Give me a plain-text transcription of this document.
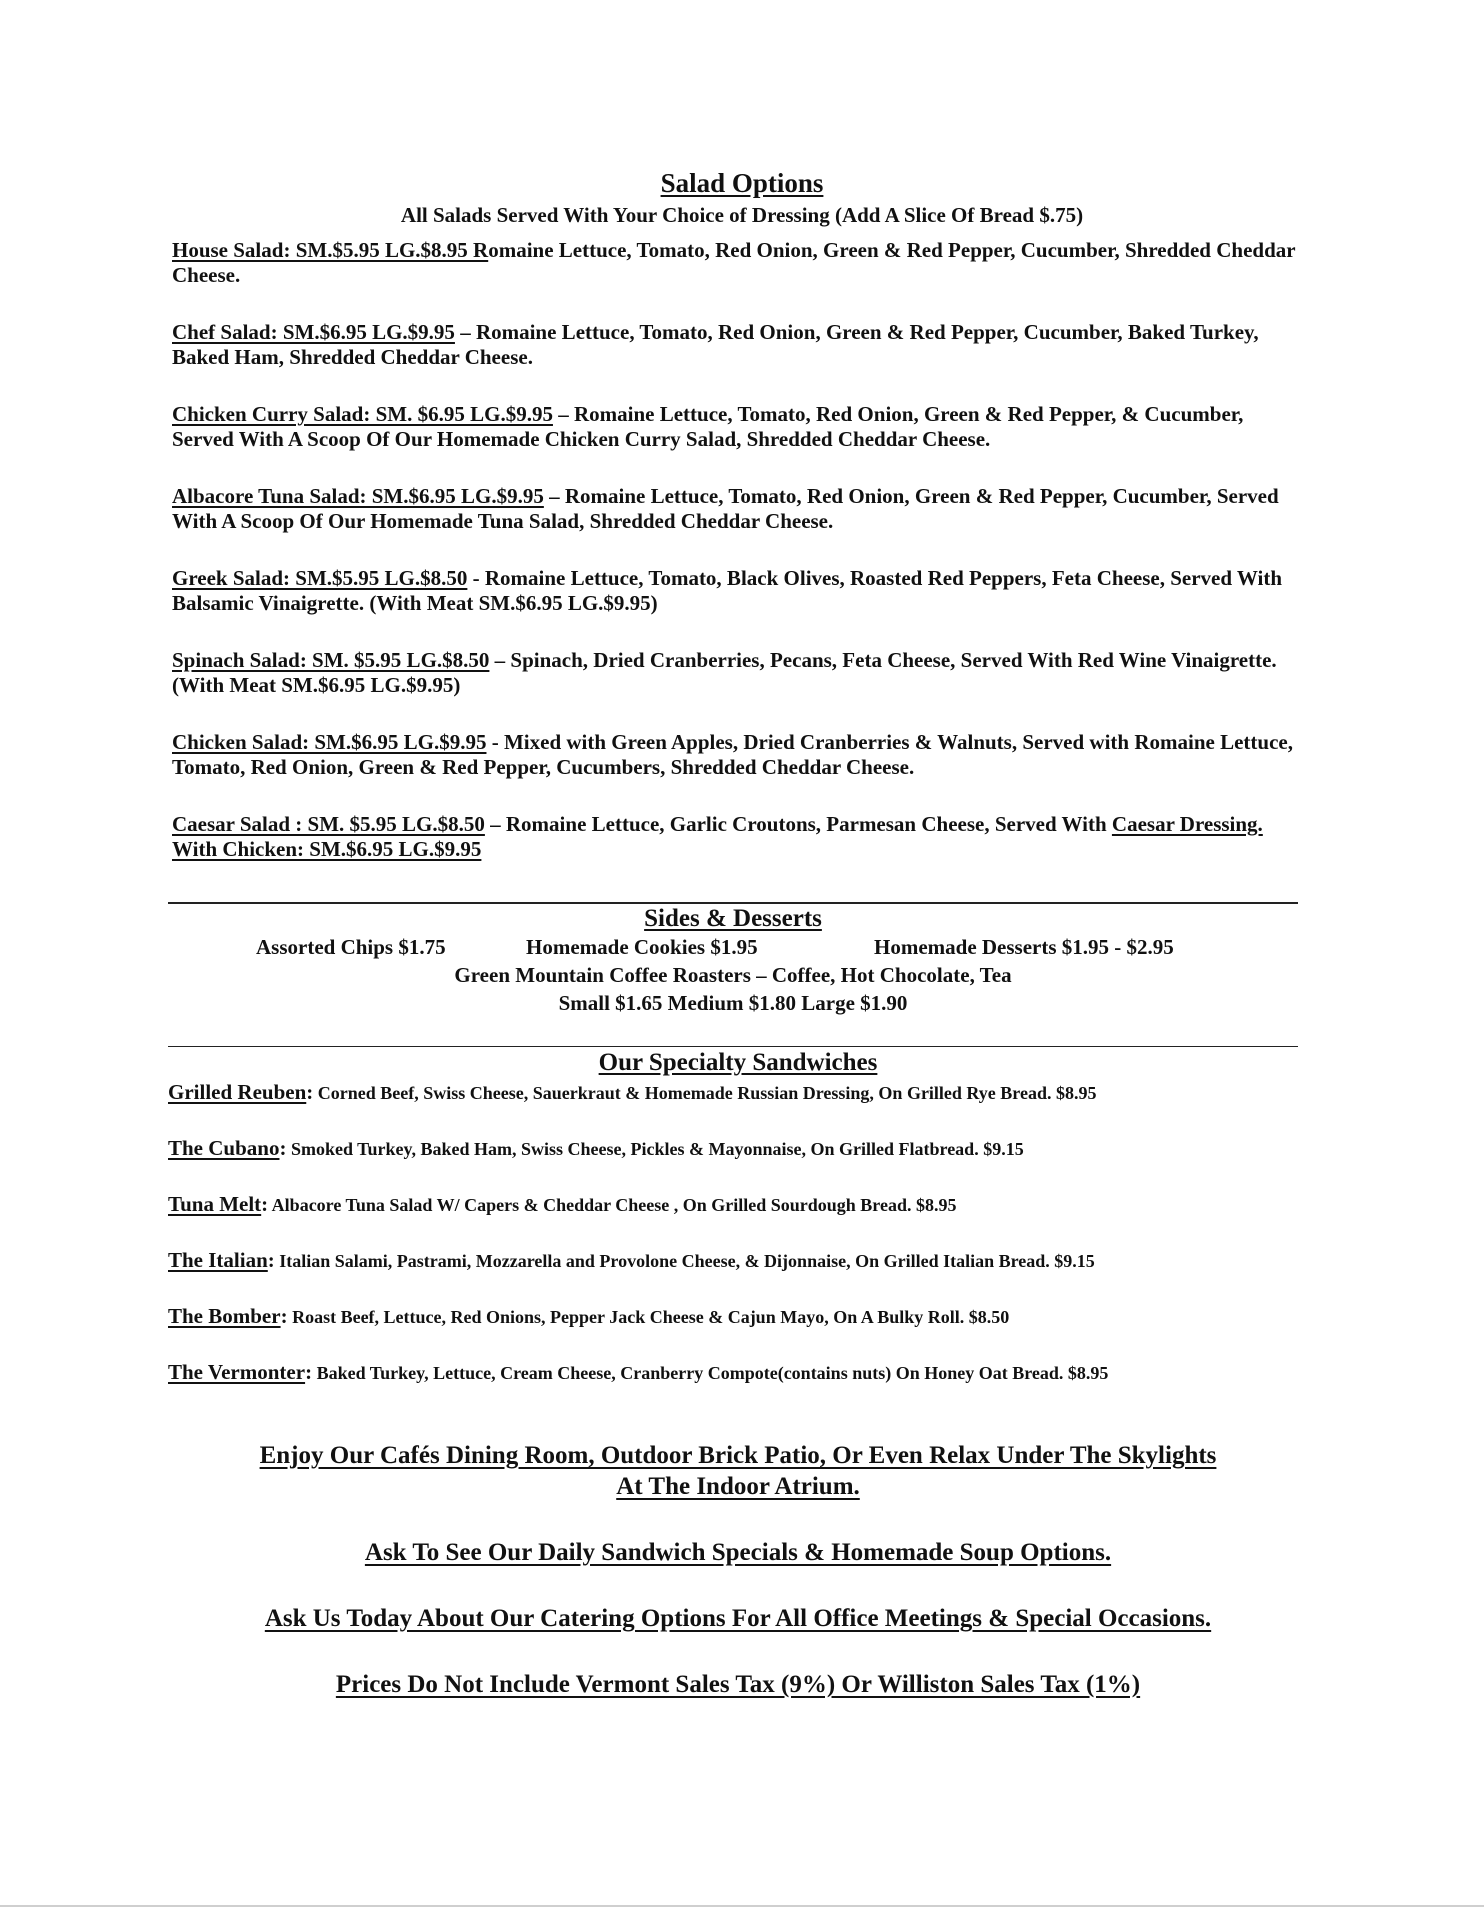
Salad Options

All Salads Served With Your Choice of Dressing (Add A Slice Of Bread $.75)

House Salad: SM.$5.95 LG.$8.95 Romaine Lettuce, Tomato, Red Onion, Green & Red Pepper, Cucumber, Shredded Cheddar Cheese.

Chef Salad: SM.$6.95 LG.$9.95 – Romaine Lettuce, Tomato, Red Onion, Green & Red Pepper, Cucumber, Baked Turkey, Baked Ham, Shredded Cheddar Cheese.

Chicken Curry Salad: SM. $6.95 LG.$9.95 – Romaine Lettuce, Tomato, Red Onion, Green & Red Pepper, & Cucumber, Served With A Scoop Of Our Homemade Chicken Curry Salad, Shredded Cheddar Cheese.

Albacore Tuna Salad: SM.$6.95 LG.$9.95 – Romaine Lettuce, Tomato, Red Onion, Green & Red Pepper, Cucumber, Served With A Scoop Of Our Homemade Tuna Salad, Shredded Cheddar Cheese.

Greek Salad: SM.$5.95 LG.$8.50 - Romaine Lettuce, Tomato, Black Olives, Roasted Red Peppers, Feta Cheese, Served With Balsamic Vinaigrette. (With Meat SM.$6.95 LG.$9.95)

Spinach Salad: SM. $5.95 LG.$8.50 – Spinach, Dried Cranberries, Pecans, Feta Cheese, Served With Red Wine Vinaigrette. (With Meat SM.$6.95 LG.$9.95)

Chicken Salad: SM.$6.95 LG.$9.95 - Mixed with Green Apples, Dried Cranberries & Walnuts, Served with Romaine Lettuce, Tomato, Red Onion, Green & Red Pepper, Cucumbers, Shredded Cheddar Cheese.

Caesar Salad : SM. $5.95 LG.$8.50 – Romaine Lettuce, Garlic Croutons, Parmesan Cheese, Served With Caesar Dressing. With Chicken: SM.$6.95 LG.$9.95

Sides & Desserts
Assorted Chips $1.75	Homemade Cookies $1.95	Homemade Desserts $1.95 - $2.95
Green Mountain Coffee Roasters – Coffee, Hot Chocolate, Tea
Small $1.65 Medium $1.80 Large $1.90
Our Specialty Sandwiches

Grilled Reuben: Corned Beef, Swiss Cheese, Sauerkraut & Homemade Russian Dressing, On Grilled Rye Bread. $8.95

The Cubano: Smoked Turkey, Baked Ham, Swiss Cheese, Pickles & Mayonnaise, On Grilled Flatbread. $9.15

Tuna Melt: Albacore Tuna Salad W/ Capers & Cheddar Cheese , On Grilled Sourdough Bread. $8.95

The Italian: Italian Salami, Pastrami, Mozzarella and Provolone Cheese, & Dijonnaise, On Grilled Italian Bread. $9.15

The Bomber: Roast Beef, Lettuce, Red Onions, Pepper Jack Cheese & Cajun Mayo, On A Bulky Roll. $8.50

The Vermonter: Baked Turkey, Lettuce, Cream Cheese, Cranberry Compote(contains nuts) On Honey Oat Bread. $8.95

Enjoy Our Cafés Dining Room, Outdoor Brick Patio, Or Even Relax Under The Skylights At The Indoor Atrium.

Ask To See Our Daily Sandwich Specials & Homemade Soup Options.

Ask Us Today About Our Catering Options For All Office Meetings & Special Occasions.

Prices Do Not Include Vermont Sales Tax (9%) Or Williston Sales Tax (1%)
